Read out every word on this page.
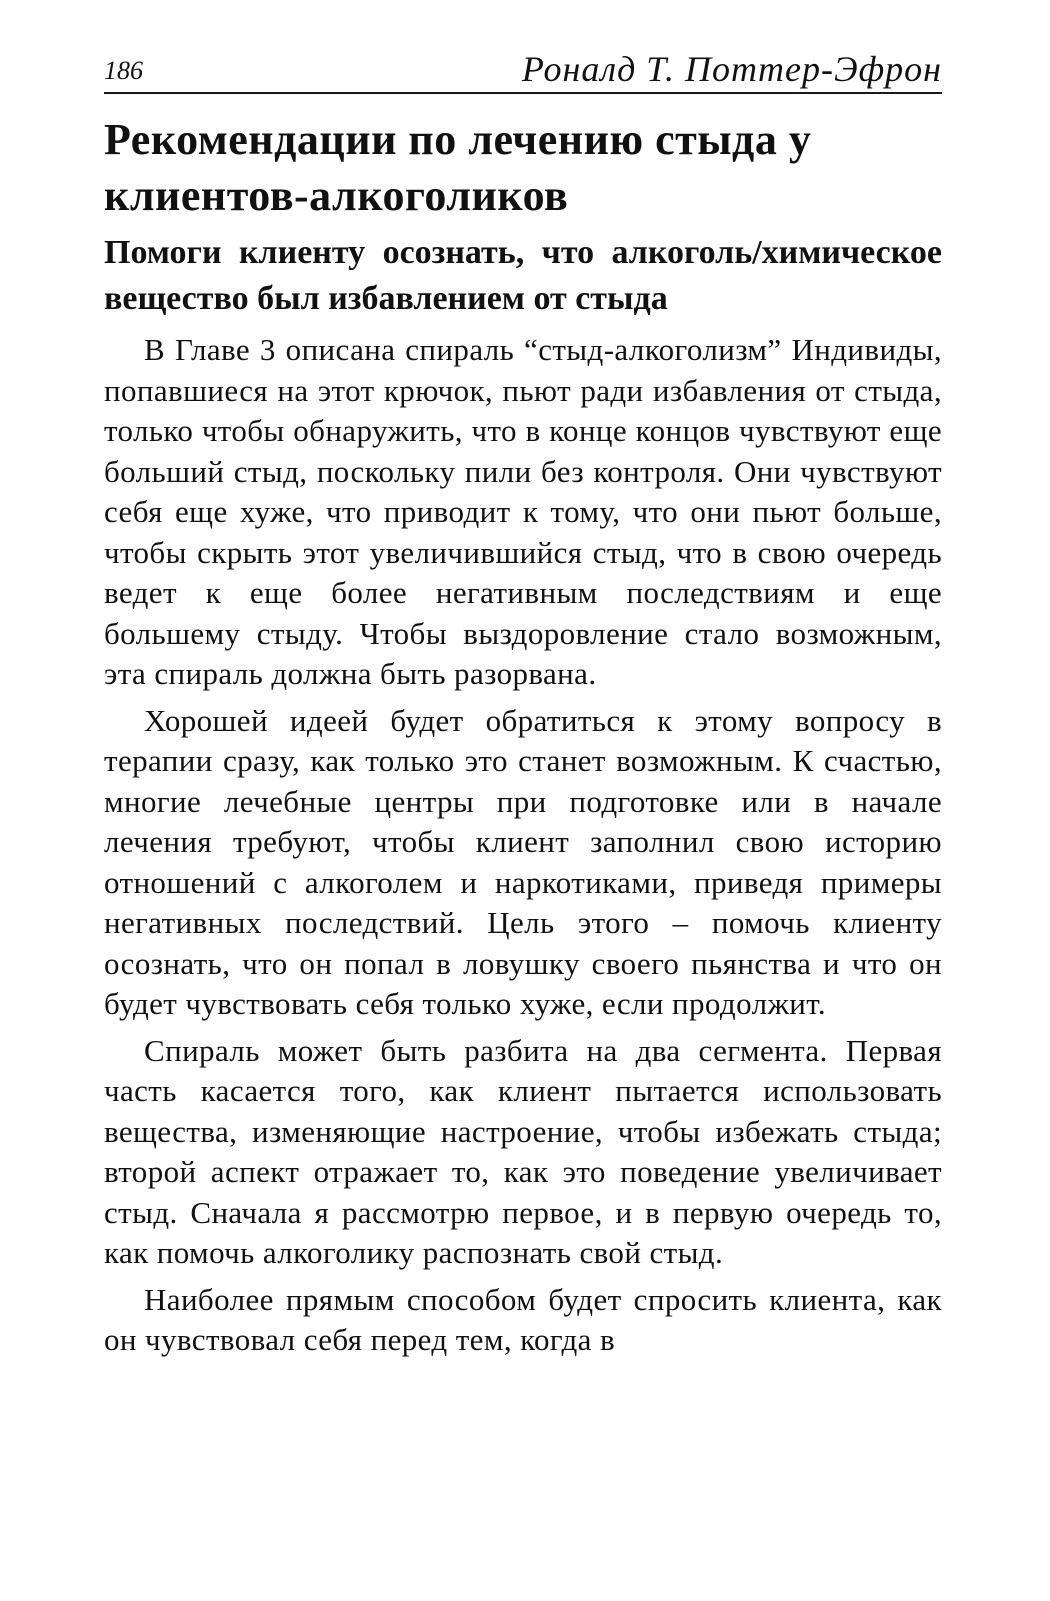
186	Роналд Т. Поттер-Эфрон
Рекомендации по лечению стыда у клиентов-алкоголиков
Помоги клиенту осознать, что алкоголь/химическое вещество был избавлением от стыда

В Главе 3 описана спираль “стыд-алкоголизм” Индивиды, попавшиеся на этот крючок, пьют ради избавления от стыда, только чтобы обнаружить, что в конце концов чувствуют еще больший стыд, поскольку пили без контроля. Они чувствуют себя еще хуже, что приводит к тому, что они пьют больше, чтобы скрыть этот увеличившийся стыд, что в свою очередь ведет к еще более негативным последствиям и еще большему стыду. Чтобы выздоровление стало возможным, эта спираль должна быть разорвана.

Хорошей идеей будет обратиться к этому вопросу в терапии сразу, как только это станет возможным. К счастью, многие лечебные центры при подготовке или в начале лечения требуют, чтобы клиент заполнил свою историю отношений с алкоголем и наркотиками, приведя примеры негативных последствий. Цель этого – помочь клиенту осознать, что он попал в ловушку своего пьянства и что он будет чувствовать себя только хуже, если продолжит.

Спираль может быть разбита на два сегмента. Первая часть касается того, как клиент пытается использовать вещества, изменяющие настроение, чтобы избежать стыда; второй аспект отражает то, как это поведение увеличивает стыд. Сначала я рассмотрю первое, и в первую очередь то, как помочь алкоголику распознать свой стыд.

Наиболее прямым способом будет спросить клиента, как он чувствовал себя перед тем, когда в
